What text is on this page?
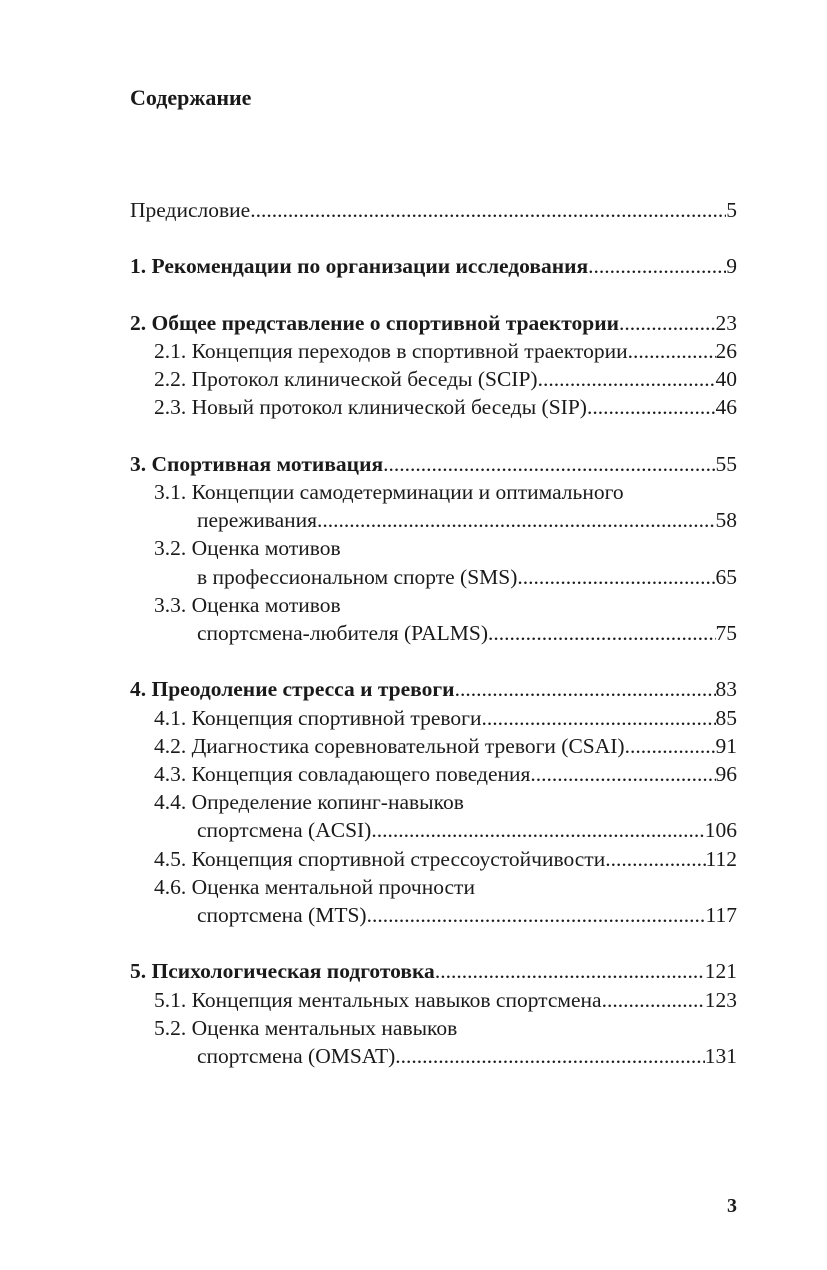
Содержание
Предисловие .....	5
1. Рекомендации по организации исследования .....	9
2. Общее представление о спортивной траектории .....	23
2.1. Концепция переходов в спортивной траектории .....	26
2.2. Протокол клинической беседы (SCIP) .....	40
2.3. Новый протокол клинической беседы (SIP) .....	46
3. Спортивная мотивация .....	55
3.1. Концепции самодетерминации и оптимального
переживания .....	58
3.2. Оценка мотивов
в профессиональном спорте (SMS) .....	65
3.3. Оценка мотивов
спортсмена-любителя (PALMS) .....	75
4. Преодоление стресса и тревоги .....	83
4.1. Концепция спортивной тревоги .....	85
4.2. Диагностика соревновательной тревоги (CSAI) .....	91
4.3. Концепция совладающего поведения .....	96
4.4. Определение копинг-навыков
спортсмена (ACSI) .....	106
4.5. Концепция спортивной стрессоустойчивости .....	112
4.6. Оценка ментальной прочности
спортсмена (MTS) .....	117
5. Психологическая подготовка .....	121
5.1. Концепция ментальных навыков спортсмена .....	123
5.2. Оценка ментальных навыков
спортсмена (OMSAT) .....	131
3
